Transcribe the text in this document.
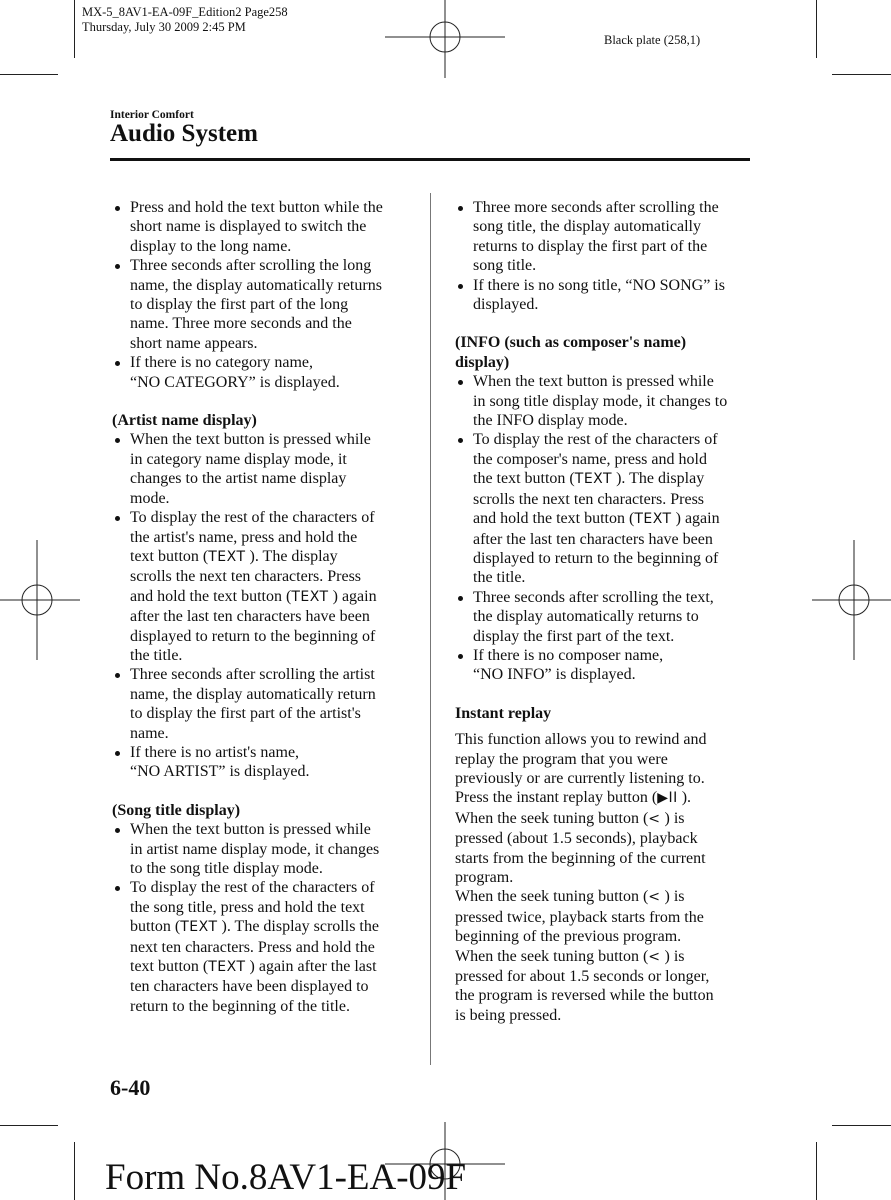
MX-5_8AV1-EA-09F_Edition2 Page258
Thursday, July 30 2009 2:45 PM
Black plate (258,1)
Interior Comfort
Audio System
Press and hold the text button while the
short name is displayed to switch the
display to the long name.
Three seconds after scrolling the long
name, the display automatically returns
to display the first part of the long
name. Three more seconds and the
short name appears.
If there is no category name,
“NO CATEGORY” is displayed.
(Artist name display)
When the text button is pressed while
in category name display mode, it
changes to the artist name display
mode.
To display the rest of the characters of
the artist's name, press and hold the
text button (TEXT ). The display
scrolls the next ten characters. Press
and hold the text button (TEXT ) again
after the last ten characters have been
displayed to return to the beginning of
the title.
Three seconds after scrolling the artist
name, the display automatically return
to display the first part of the artist's
name.
If there is no artist's name,
“NO ARTIST” is displayed.
(Song title display)
When the text button is pressed while
in artist name display mode, it changes
to the song title display mode.
To display the rest of the characters of
the song title, press and hold the text
button (TEXT ). The display scrolls the
next ten characters. Press and hold the
text button (TEXT ) again after the last
ten characters have been displayed to
return to the beginning of the title.
Three more seconds after scrolling the
song title, the display automatically
returns to display the first part of the
song title.
If there is no song title, “NO SONG” is
displayed.
(INFO (such as composer's name)
display)
When the text button is pressed while
in song title display mode, it changes to
the INFO display mode.
To display the rest of the characters of
the composer's name, press and hold
the text button (TEXT ). The display
scrolls the next ten characters. Press
and hold the text button (TEXT ) again
after the last ten characters have been
displayed to return to the beginning of
the title.
Three seconds after scrolling the text,
the display automatically returns to
display the first part of the text.
If there is no composer name,
“NO INFO” is displayed.
Instant replay
This function allows you to rewind and
replay the program that you were
previously or are currently listening to.
Press the instant replay button (▶II ).
When the seek tuning button (< ) is
pressed (about 1.5 seconds), playback
starts from the beginning of the current
program.
When the seek tuning button (< ) is
pressed twice, playback starts from the
beginning of the previous program.
When the seek tuning button (< ) is
pressed for about 1.5 seconds or longer,
the program is reversed while the button
is being pressed.
6-40
Form No.8AV1-EA-09F
